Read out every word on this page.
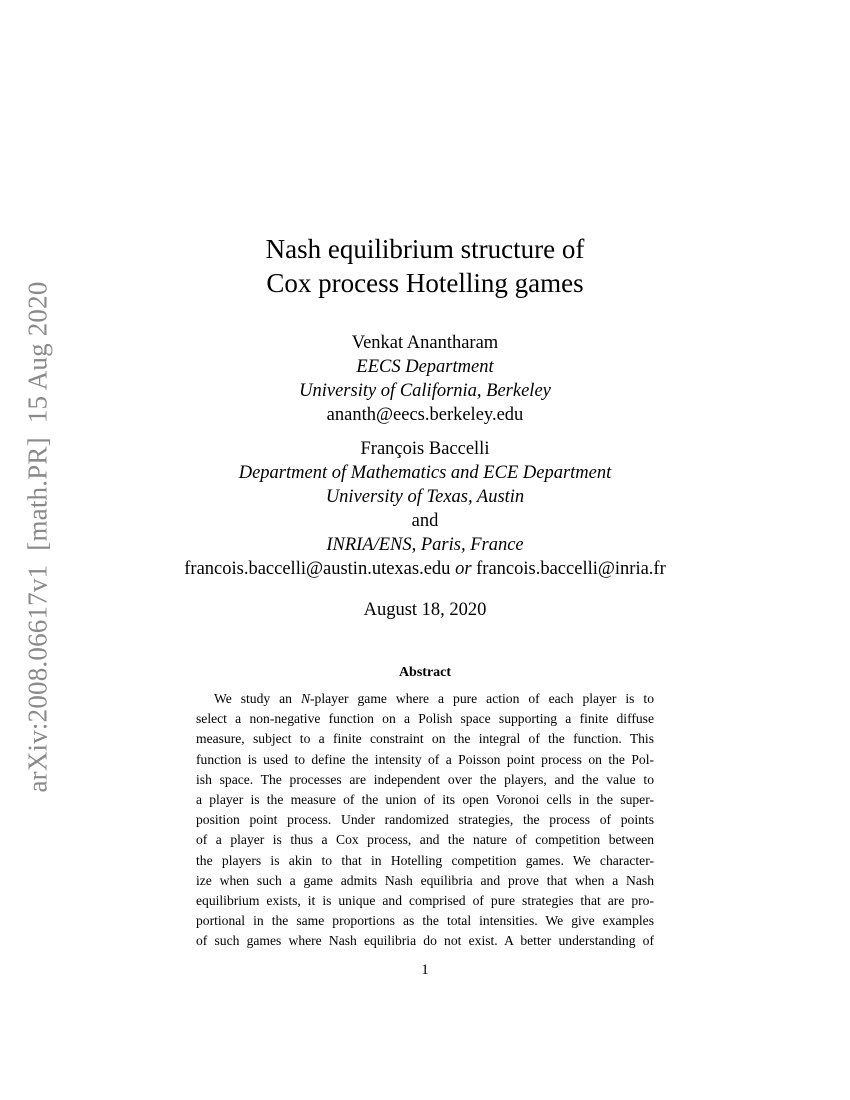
arXiv:2008.06617v1[math.PR]15 Aug 2020
Nash equilibrium structure of
Cox process Hotelling games
Venkat Anantharam
EECS Department
University of California, Berkeley
ananth@eecs.berkeley.edu
François Baccelli
Department of Mathematics and ECE Department
University of Texas, Austin
and
INRIA/ENS, Paris, France
francois.baccelli@austin.utexas.edu or francois.baccelli@inria.fr
August 18, 2020
Abstract
We study an N-player game where a pure action of each player is to
select a non-negative function on a Polish space supporting a finite diffuse
measure, subject to a finite constraint on the integral of the function. This
function is used to define the intensity of a Poisson point process on the Pol-
ish space. The processes are independent over the players, and the value to
a player is the measure of the union of its open Voronoi cells in the super-
position point process. Under randomized strategies, the process of points
of a player is thus a Cox process, and the nature of competition between
the players is akin to that in Hotelling competition games. We character-
ize when such a game admits Nash equilibria and prove that when a Nash
equilibrium exists, it is unique and comprised of pure strategies that are pro-
portional in the same proportions as the total intensities. We give examples
of such games where Nash equilibria do not exist. A better understanding of
1
